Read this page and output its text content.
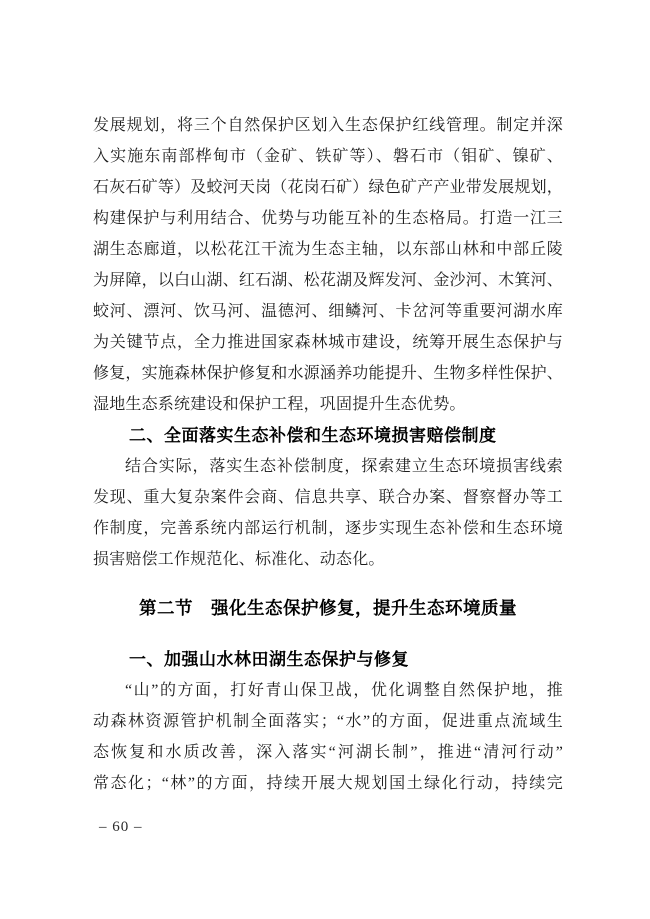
发展规划，将三个自然保护区划入生态保护红线管理。制定并深
入实施东南部桦甸市（金矿、铁矿等）、磐石市（钼矿、镍矿、
石灰石矿等）及蛟河天岗（花岗石矿）绿色矿产产业带发展规划，
构建保护与利用结合、优势与功能互补的生态格局。打造一江三
湖生态廊道，以松花江干流为生态主轴，以东部山林和中部丘陵
为屏障，以白山湖、红石湖、松花湖及辉发河、金沙河、木箕河、
蛟河、漂河、饮马河、温德河、细鳞河、卡岔河等重要河湖水库
为关键节点，全力推进国家森林城市建设，统筹开展生态保护与
修复，实施森林保护修复和水源涵养功能提升、生物多样性保护、
湿地生态系统建设和保护工程，巩固提升生态优势。
二、全面落实生态补偿和生态环境损害赔偿制度
结合实际，落实生态补偿制度，探索建立生态环境损害线索
发现、重大复杂案件会商、信息共享、联合办案、督察督办等工
作制度，完善系统内部运行机制，逐步实现生态补偿和生态环境
损害赔偿工作规范化、标准化、动态化。
第二节　强化生态保护修复，提升生态环境质量
一、加强山水林田湖生态保护与修复
“山”的方面，打好青山保卫战，优化调整自然保护地，推
动森林资源管护机制全面落实；“水”的方面，促进重点流域生
态恢复和水质改善，深入落实“河湖长制”，推进“清河行动”
常态化；“林”的方面，持续开展大规划国土绿化行动，持续完
– 60 –
